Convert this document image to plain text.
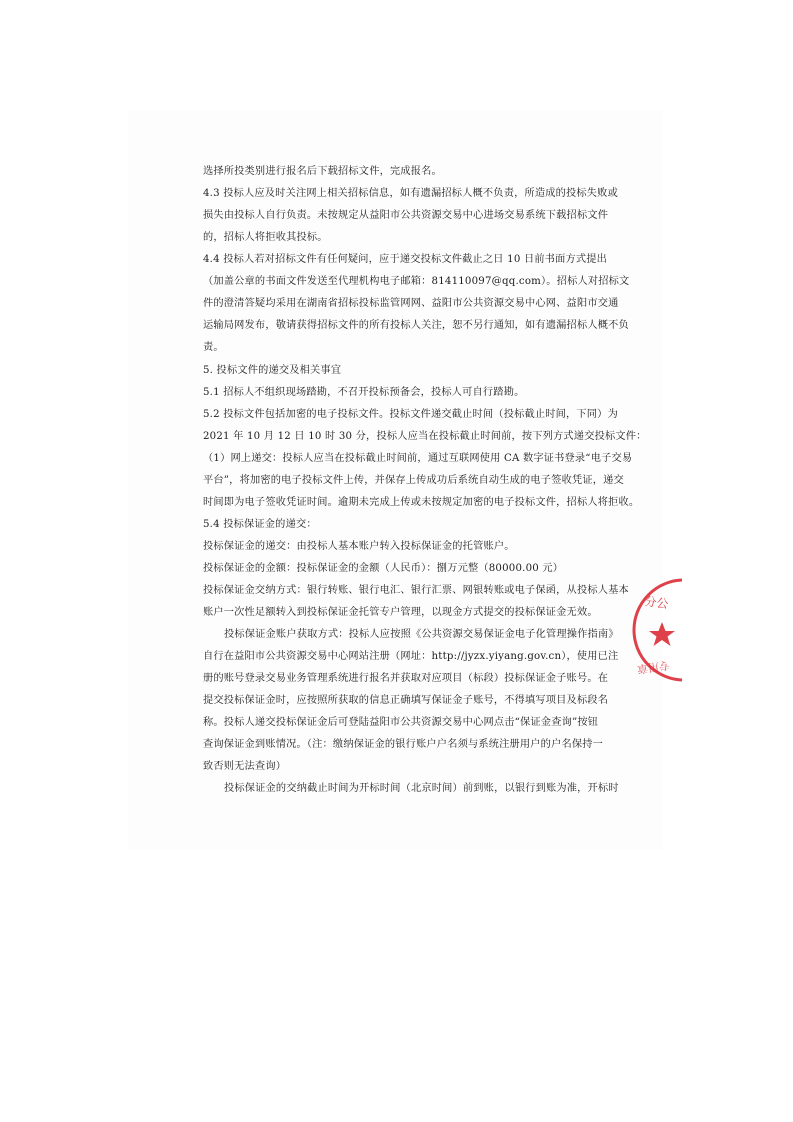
选择所投类别进行报名后下载招标文件，完成报名。
4.3 投标人应及时关注网上相关招标信息，如有遗漏招标人概不负责，所造成的投标失败或
损失由投标人自行负责。未按规定从益阳市公共资源交易中心进场交易系统下载招标文件
的，招标人将拒收其投标。
4.4 投标人若对招标文件有任何疑问，应于递交投标文件截止之日 10 日前书面方式提出
（加盖公章的书面文件发送至代理机构电子邮箱：814110097@qq.com）。招标人对招标文
件的澄清答疑均采用在湖南省招标投标监管网网、益阳市公共资源交易中心网、益阳市交通
运输局网发布，敬请获得招标文件的所有投标人关注，恕不另行通知，如有遗漏招标人概不负
责。
5. 投标文件的递交及相关事宜
5.1 招标人不组织现场踏勘，不召开投标预备会，投标人可自行踏勘。
5.2 投标文件包括加密的电子投标文件。投标文件递交截止时间（投标截止时间，下同）为
2021 年 10 月 12 日 10 时 30 分，投标人应当在投标截止时间前，按下列方式递交投标文件：
（1）网上递交：投标人应当在投标截止时间前，通过互联网使用 CA 数字证书登录“电子交易
平台”，将加密的电子投标文件上传，并保存上传成功后系统自动生成的电子签收凭证，递交
时间即为电子签收凭证时间。逾期未完成上传或未按规定加密的电子投标文件，招标人将拒收。
5.4 投标保证金的递交：
投标保证金的递交：由投标人基本账户转入投标保证金的托管账户。
投标保证金的金额：投标保证金的金额（人民币）：捌万元整（80000.00 元）
投标保证金交纳方式：银行转账、银行电汇、银行汇票、网银转账或电子保函，从投标人基本
账户一次性足额转入到投标保证金托管专户管理，以现金方式提交的投标保证金无效。
投标保证金账户获取方式：投标人应按照《公共资源交易保证金电子化管理操作指南》
自行在益阳市公共资源交易中心网站注册（网址：http://jyzx.yiyang.gov.cn），使用已注
册的账号登录交易业务管理系统进行报名并获取对应项目（标段）投标保证金子账号。在
提交投标保证金时，应按照所获取的信息正确填写保证金子账号，不得填写项目及标段名
称。投标人递交投标保证金后可登陆益阳市公共资源交易中心网点击“保证金查询”按钮
查询保证金到账情况。（注：缴纳保证金的银行账户户名须与系统注册用户的户名保持一
致否则无法查询）
投标保证金的交纳截止时间为开标时间（北京时间）前到账，以银行到账为准，开标时
分公
专用章
